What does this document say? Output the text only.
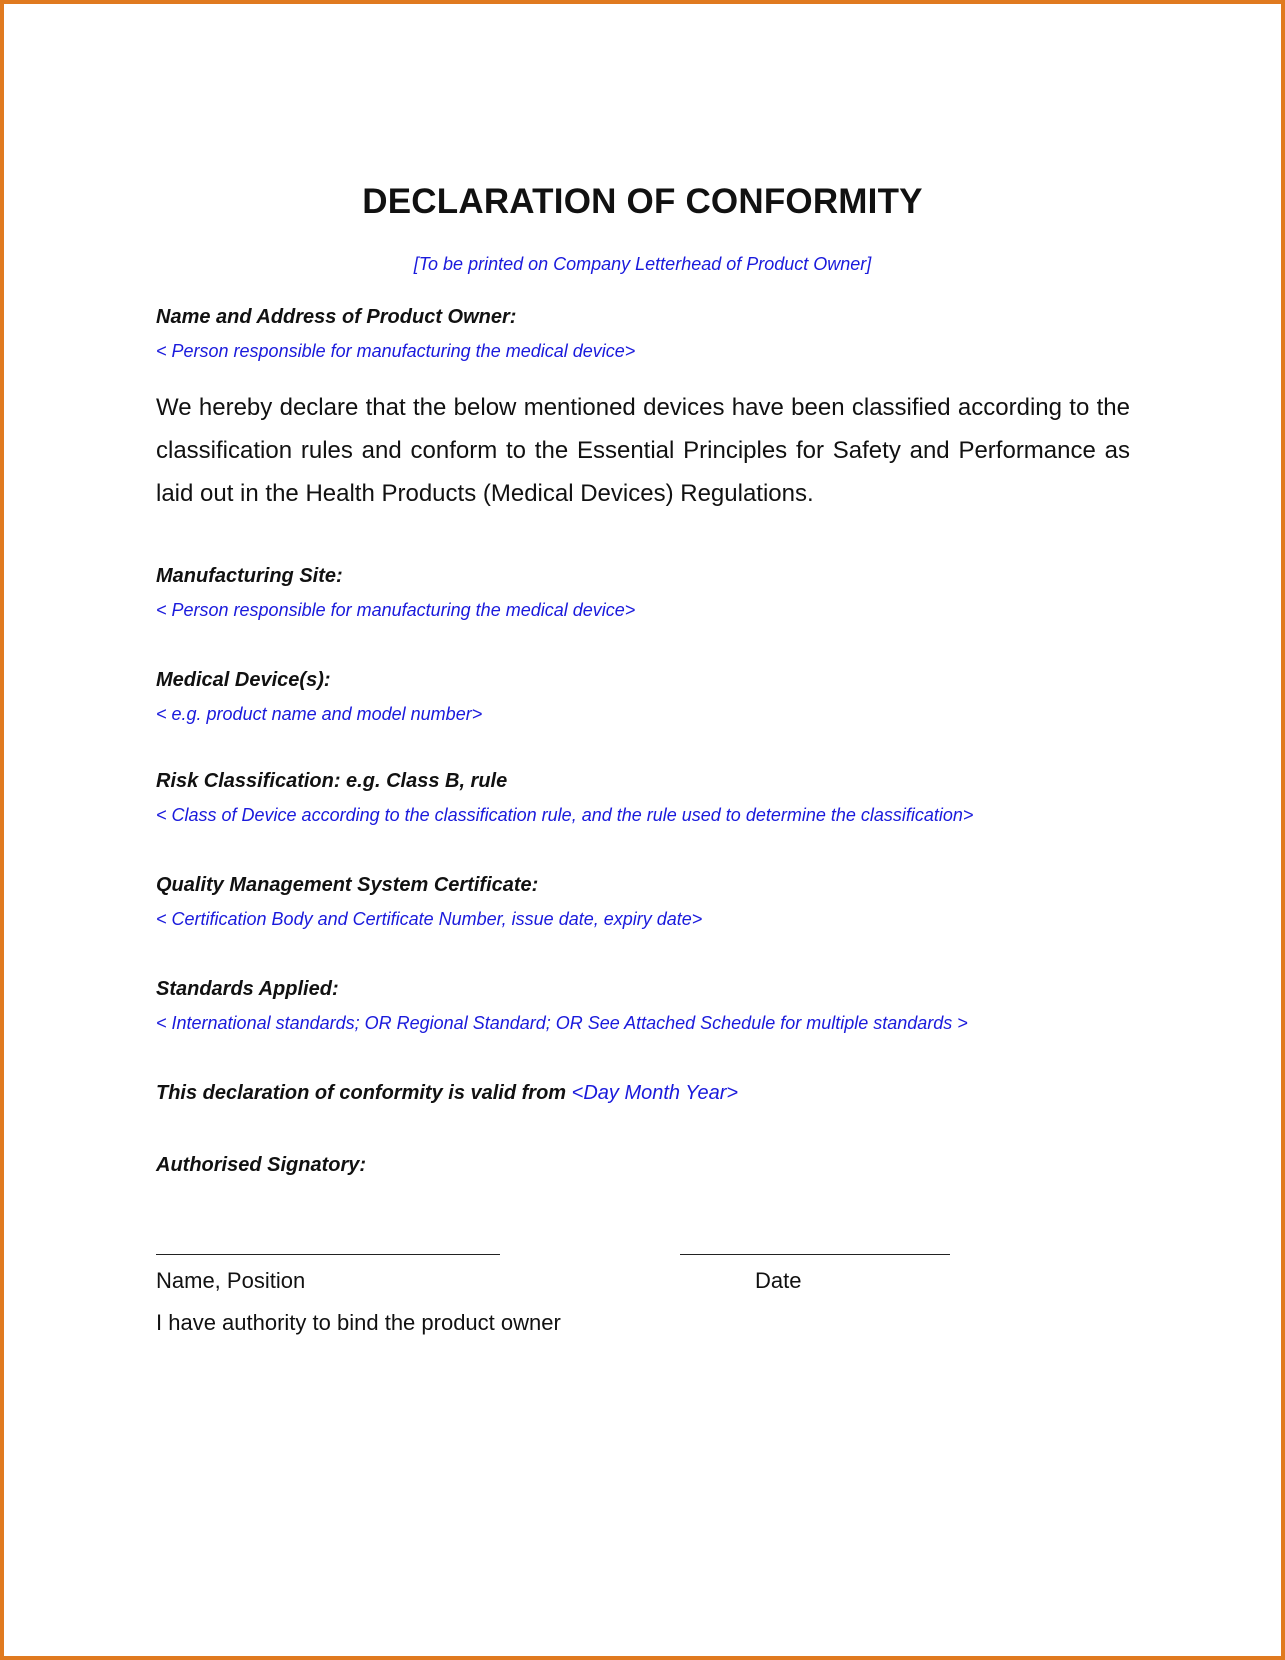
DECLARATION OF CONFORMITY
[To be printed on Company Letterhead of Product Owner]
Name and Address of Product Owner:
< Person responsible for manufacturing the medical device>
We hereby declare that the below mentioned devices have been classified according to the classification rules and conform to the Essential Principles for Safety and Performance as laid out in the Health Products (Medical Devices) Regulations.
Manufacturing Site:
< Person responsible for manufacturing the medical device>
Medical Device(s):
< e.g. product name and model number>
Risk Classification: e.g. Class B, rule
< Class of Device according to the classification rule, and the rule used to determine the classification>
Quality Management System Certificate:
< Certification Body and Certificate Number, issue date, expiry date>
Standards Applied:
< International standards; OR Regional Standard; OR See Attached Schedule for multiple standards >
This declaration of conformity is valid from <Day Month Year>
Authorised Signatory:
Name, Position	Date
I have authority to bind the product owner
